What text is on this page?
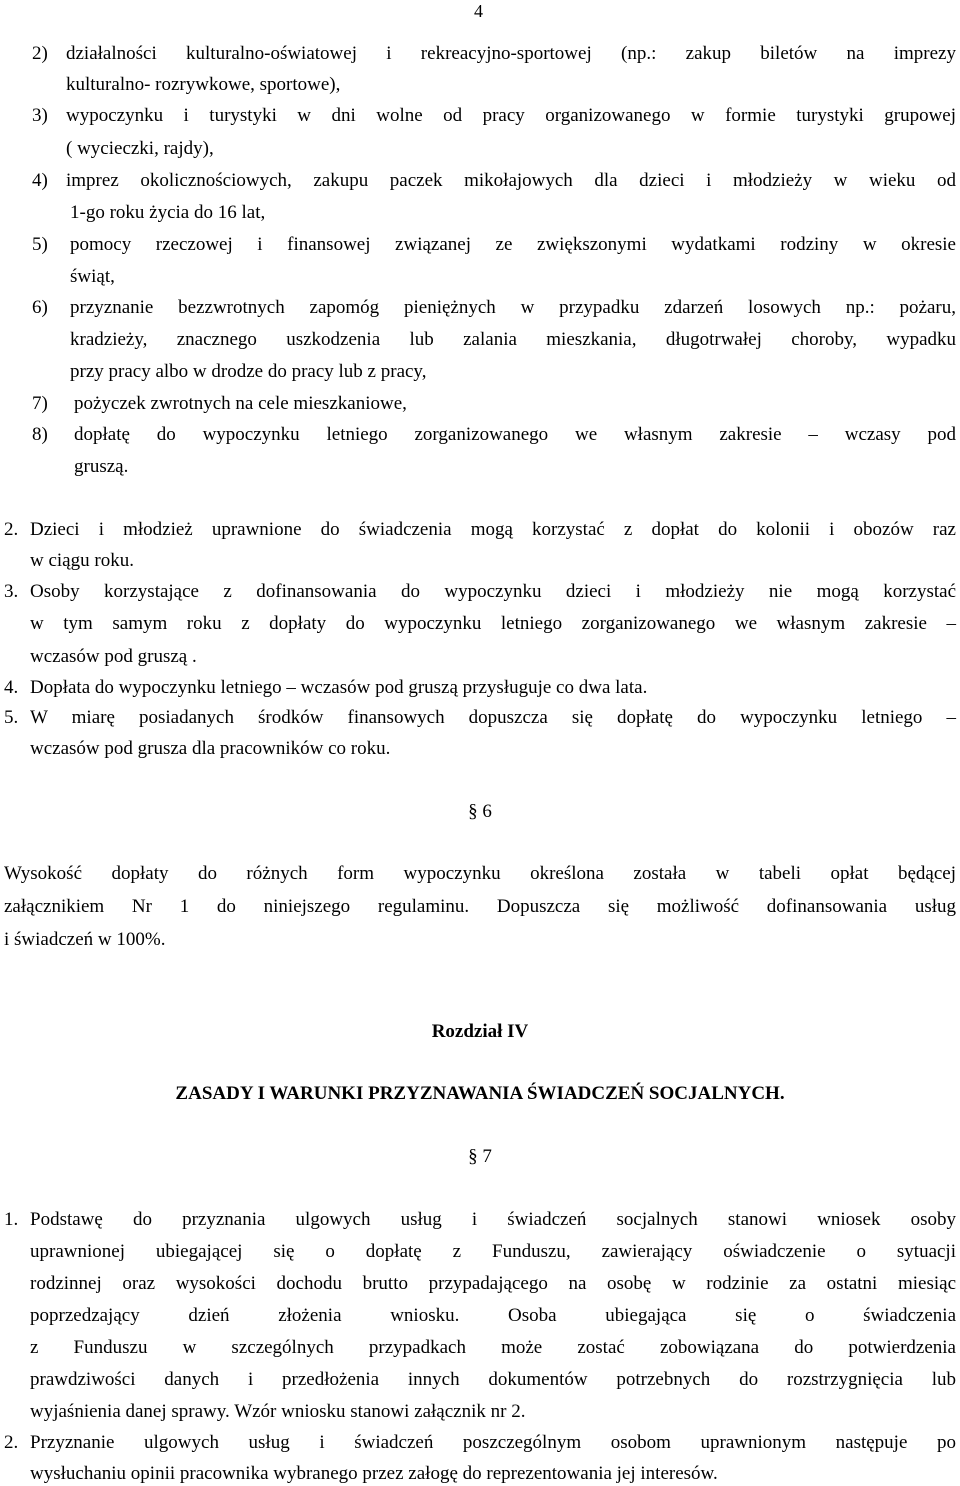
4
2) działalności kulturalno-oświatowej i rekreacyjno-sportowej (np.: zakup biletów na imprezy
kulturalno- rozrywkowe, sportowe),
3) wypoczynku i turystyki w dni wolne od pracy organizowanego w formie turystyki grupowej
( wycieczki, rajdy),
4) imprez okolicznościowych, zakupu paczek mikołajowych dla dzieci i młodzieży w wieku od
1-go roku życia do 16 lat,
5) pomocy rzeczowej i finansowej związanej ze zwiększonymi wydatkami rodziny w okresie
świąt,
6) przyznanie bezzwrotnych zapomóg pieniężnych w przypadku zdarzeń losowych np.: pożaru,
kradzieży, znacznego uszkodzenia lub zalania mieszkania, długotrwałej choroby, wypadku
przy pracy albo w drodze do pracy lub z pracy,
7) pożyczek zwrotnych na cele mieszkaniowe,
8) dopłatę do wypoczynku letniego zorganizowanego we własnym zakresie – wczasy pod
gruszą.
2. Dzieci i młodzież uprawnione do świadczenia mogą korzystać z dopłat do kolonii i obozów raz
w ciągu roku.
3. Osoby korzystające z dofinansowania do wypoczynku dzieci i młodzieży nie mogą korzystać
w tym samym roku z dopłaty do wypoczynku letniego zorganizowanego we własnym zakresie –
wczasów pod gruszą .
4. Dopłata do wypoczynku letniego – wczasów pod gruszą przysługuje co dwa lata.
5. W miarę posiadanych środków finansowych dopuszcza się dopłatę do wypoczynku letniego –
wczasów pod grusza dla pracowników co roku.
§ 6
Wysokość dopłaty do różnych form wypoczynku określona została w tabeli opłat będącej
załącznikiem Nr 1 do niniejszego regulaminu. Dopuszcza się możliwość dofinansowania usług
i świadczeń w 100%.
Rozdział IV
ZASADY I WARUNKI PRZYZNAWANIA ŚWIADCZEŃ SOCJALNYCH.
§ 7
1. Podstawę do przyznania ulgowych usług i świadczeń socjalnych stanowi wniosek osoby
uprawnionej ubiegającej się o dopłatę z Funduszu, zawierający oświadczenie o sytuacji
rodzinnej oraz wysokości dochodu brutto przypadającego na osobę w rodzinie za ostatni miesiąc
poprzedzający dzień złożenia wniosku. Osoba ubiegająca się o świadczenia
z Funduszu w szczególnych przypadkach może zostać zobowiązana do potwierdzenia
prawdziwości danych i przedłożenia innych dokumentów potrzebnych do rozstrzygnięcia lub
wyjaśnienia danej sprawy. Wzór wniosku stanowi załącznik nr 2.
2. Przyznanie ulgowych usług i świadczeń poszczególnym osobom uprawnionym następuje po
wysłuchaniu opinii pracownika wybranego przez załogę do reprezentowania jej interesów.
